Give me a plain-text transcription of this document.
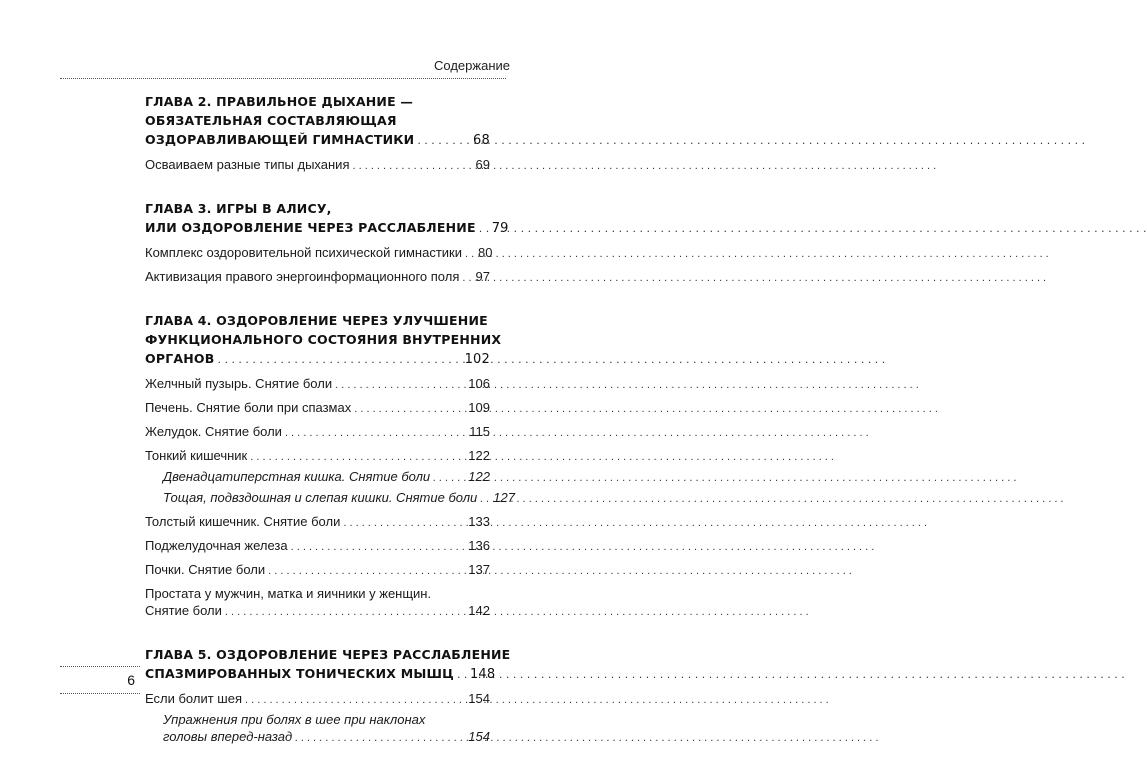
Содержание
ГЛАВА 2. ПРАВИЛЬНОЕ ДЫХАНИЕ —
ОБЯЗАТЕЛЬНАЯ СОСТАВЛЯЮЩАЯ
ОЗДОРАВЛИВАЮЩЕЙ ГИМНАСТИКИ . . .	68
Осваиваем разные типы дыхания . . .	69
ГЛАВА 3. ИГРЫ В АЛИСУ,
ИЛИ ОЗДОРОВЛЕНИЕ ЧЕРЕЗ РАССЛАБЛЕНИЕ . . . 79
Комплекс оздоровительной психической гимнастики . . . 80
Активизация правого энергоинформационного поля . . . 97
ГЛАВА 4. ОЗДОРОВЛЕНИЕ ЧЕРЕЗ УЛУЧШЕНИЕ
ФУНКЦИОНАЛЬНОГО СОСТОЯНИЯ ВНУТРЕННИХ
ОРГАНОВ . . .	102
Желчный пузырь. Снятие боли . . .	106
Печень. Снятие боли при спазмах . . .	109
Желудок. Снятие боли . . .	115
Тонкий кишечник . . .	122
Двенадцатиперстная кишка. Снятие боли . . .	122
Тощая, подвздошная и слепая кишки. Снятие боли . . . 127
Толстый кишечник. Снятие боли . . .	133
Поджелудочная железа . . .	136
Почки. Снятие боли . . .	137
Простата у мужчин, матка и яичники у женщин.
Снятие боли . . .	142
ГЛАВА 5. ОЗДОРОВЛЕНИЕ ЧЕРЕЗ РАССЛАБЛЕНИЕ
СПАЗМИРОВАННЫХ ТОНИЧЕСКИХ МЫШЦ . . . 148
Если болит шея . . .	154
Упражнения при болях в шее при наклонах
головы вперед-назад . . .	154
6
